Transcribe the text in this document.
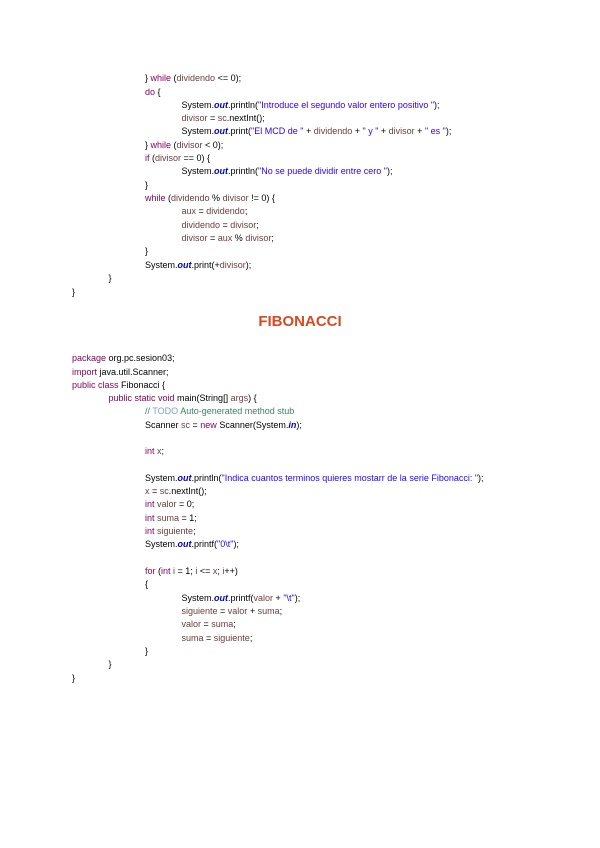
} while (dividendo <= 0);
do {
System.out.println("Introduce el segundo valor entero positivo ");
divisor = sc.nextInt();
System.out.print("El MCD de " + dividendo + " y " + divisor + " es ");
} while (divisor < 0);
if (divisor == 0) {
System.out.println("No se puede dividir entre cero ");
}
while (dividendo % divisor != 0) {
aux = dividendo;
dividendo = divisor;
divisor = aux % divisor;
}
System.out.print(+divisor);
}
}
FIBONACCI
package org.pc.sesion03;
import java.util.Scanner;
public class Fibonacci {
public static void main(String[] args) {
// TODO Auto-generated method stub
Scanner sc = new Scanner(System.in);
int x;
System.out.println("Indica cuantos terminos quieres mostarr de la serie Fibonacci: ");
x = sc.nextInt();
int valor = 0;
int suma = 1;
int siguiente;
System.out.printf("0\t");
for (int i = 1; i <= x; i++)
{
System.out.printf(valor + "\t");
siguiente = valor + suma;
valor = suma;
suma = siguiente;
}
}
}
